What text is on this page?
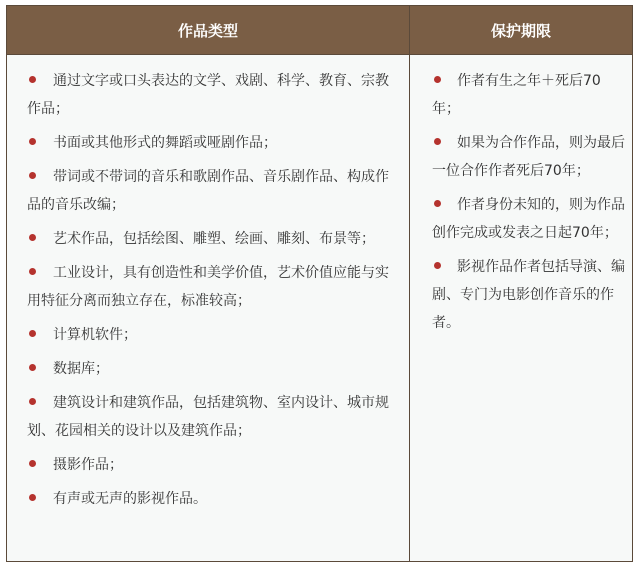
作品类型	保护期限
通过文字或口头表达的文学、戏剧、科学、教育、宗教作品；
书面或其他形式的舞蹈或哑剧作品；
带词或不带词的音乐和歌剧作品、音乐剧作品、构成作品的音乐改编；
艺术作品，包括绘图、雕塑、绘画、雕刻、布景等；
工业设计，具有创造性和美学价值，艺术价值应能与实用特征分离而独立存在，标准较高；
计算机软件；
数据库；
建筑设计和建筑作品，包括建筑物、室内设计、城市规划、花园相关的设计以及建筑作品；
摄影作品；
有声或无声的影视作品。
作者有生之年＋死后70年；
如果为合作作品，则为最后一位合作作者死后70年；
作者身份未知的，则为作品创作完成或发表之日起70年；
影视作品作者包括导演、编剧、专门为电影创作音乐的作者。
